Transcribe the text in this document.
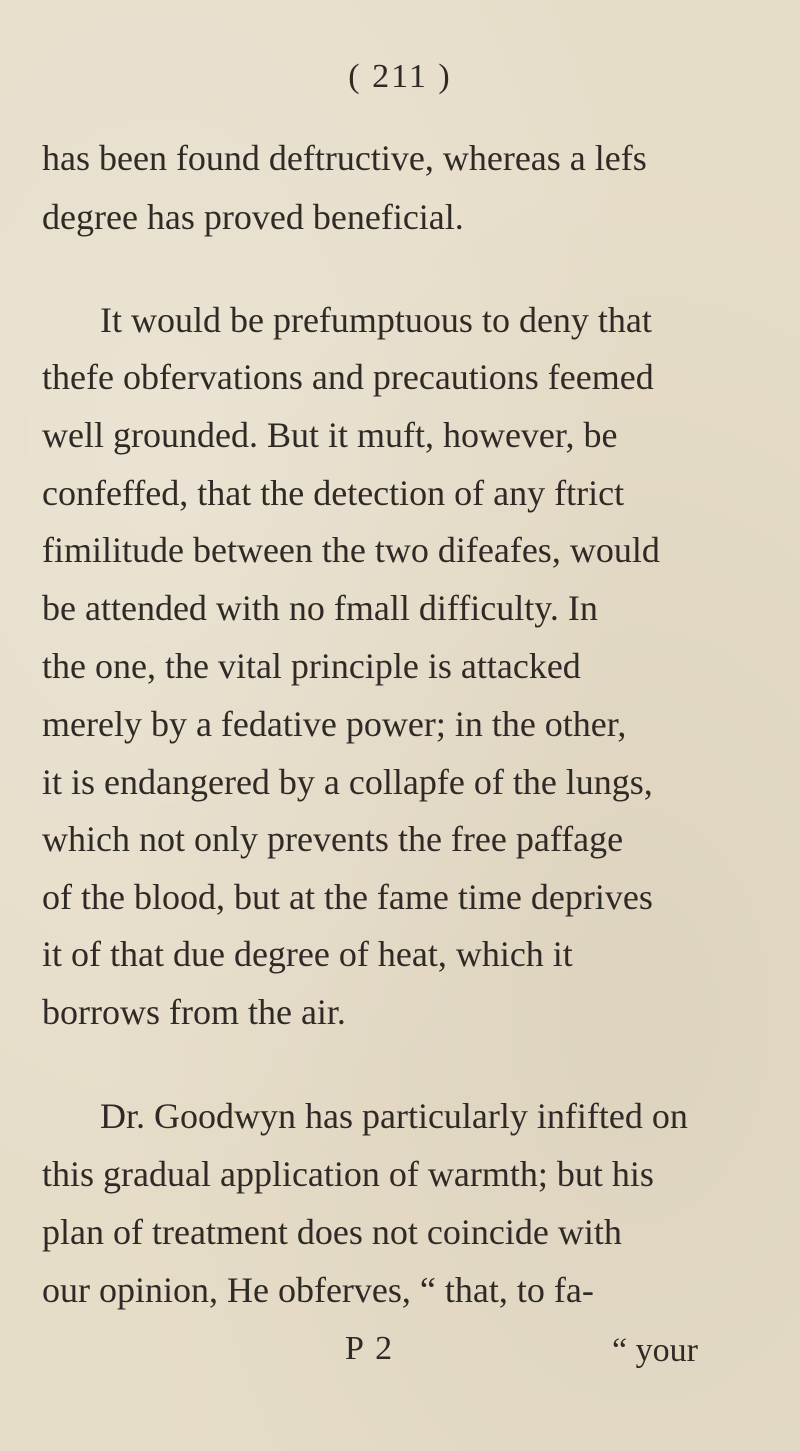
( 211 )
has been found deftructive, whereas a lefs
degree has proved beneficial.
It would be prefumptuous to deny that
thefe obfervations and precautions feemed
well grounded. But it muft, however, be
confeffed, that the detection of any ftrict
fimilitude between the two difeafes, would
be attended with no fmall difficulty. In
the one, the vital principle is attacked
merely by a fedative power; in the other,
it is endangered by a collapfe of the lungs,
which not only prevents the free paffage
of the blood, but at the fame time deprives
it of that due degree of heat, which it
borrows from the air.
Dr. Goodwyn has particularly infifted on
this gradual application of warmth; but his
plan of treatment does not coincide with
our opinion, He obferves, “ that, to fa-
P 2	“ your
